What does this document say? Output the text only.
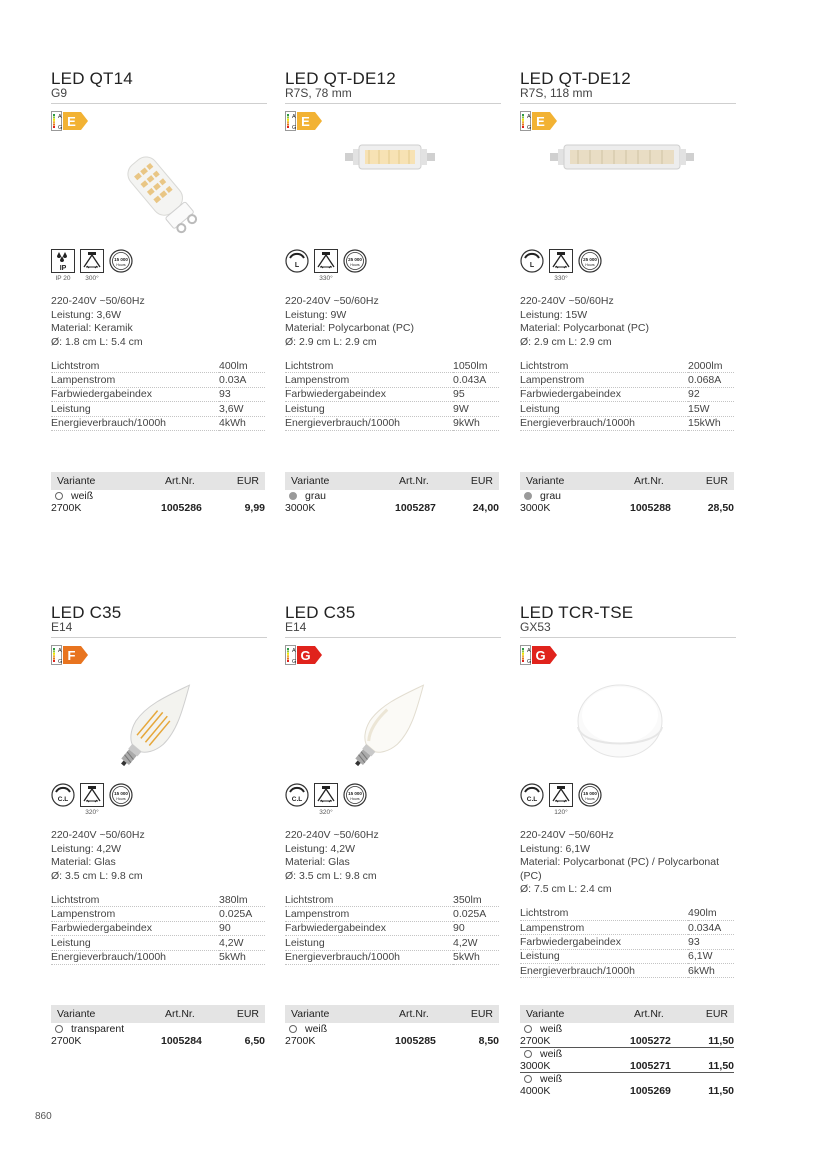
LED QT14
G9
A
G E
IP
15 000
Hours
IP 20	300°
220-240V ~50/60Hz
Leistung: 3,6W
Material: Keramik
Ø: 1.8 cm L: 5.4 cm
Lichtstrom	400lm
Lampenstrom	0.03A
Farbwiedergabeindex	93
Leistung	3,6W
Energieverbrauch/1000h	4kWh
LED QT-DE12
R7S, 78 mm
A
G E
L
25 000
Hours
330°
220-240V ~50/60Hz
Leistung: 9W
Material: Polycarbonat (PC)
Ø: 2.9 cm L: 2.9 cm
Lichtstrom	1050lm
Lampenstrom	0.043A
Farbwiedergabeindex	95
Leistung	9W
Energieverbrauch/1000h	9kWh
LED QT-DE12
R7S, 118 mm
A
G E
L
25 000
Hours
330°
220-240V ~50/60Hz
Leistung: 15W
Material: Polycarbonat (PC)
Ø: 2.9 cm L: 2.9 cm
Lichtstrom	2000lm
Lampenstrom	0.068A
Farbwiedergabeindex	92
Leistung	15W
Energieverbrauch/1000h	15kWh
LED C35
E14
A
G F
C.L
15 000
Hours
320°
220-240V ~50/60Hz
Leistung: 4,2W
Material: Glas
Ø: 3.5 cm L: 9.8 cm
Lichtstrom	380lm
Lampenstrom	0.025A
Farbwiedergabeindex	90
Leistung	4,2W
Energieverbrauch/1000h	5kWh
LED C35
E14
A
G G
C.L
15 000
Hours
320°
220-240V ~50/60Hz
Leistung: 4,2W
Material: Glas
Ø: 3.5 cm L: 9.8 cm
Lichtstrom	350lm
Lampenstrom	0.025A
Farbwiedergabeindex	90
Leistung	4,2W
Energieverbrauch/1000h	5kWh
LED TCR-TSE
GX53
A
G G
C.L
15 000
Hours
120°
220-240V ~50/60Hz
Leistung: 6,1W
Material: Polycarbonat (PC) / Polycarbonat (PC)
Ø: 7.5 cm L: 2.4 cm
Lichtstrom	490lm
Lampenstrom	0.034A
Farbwiedergabeindex	93
Leistung	6,1W
Energieverbrauch/1000h	6kWh
Variante	Art.Nr.	EUR
weiß
2700K	1005286	9,99
Variante	Art.Nr.	EUR
grau
3000K	1005287	24,00
Variante	Art.Nr.	EUR
grau
3000K	1005288	28,50
Variante	Art.Nr.	EUR
transparent
2700K	1005284	6,50
Variante	Art.Nr.	EUR
weiß
2700K	1005285	8,50
Variante	Art.Nr.	EUR
weiß
2700K	1005272	11,50
weiß
3000K	1005271	11,50
weiß
4000K	1005269	11,50
860
